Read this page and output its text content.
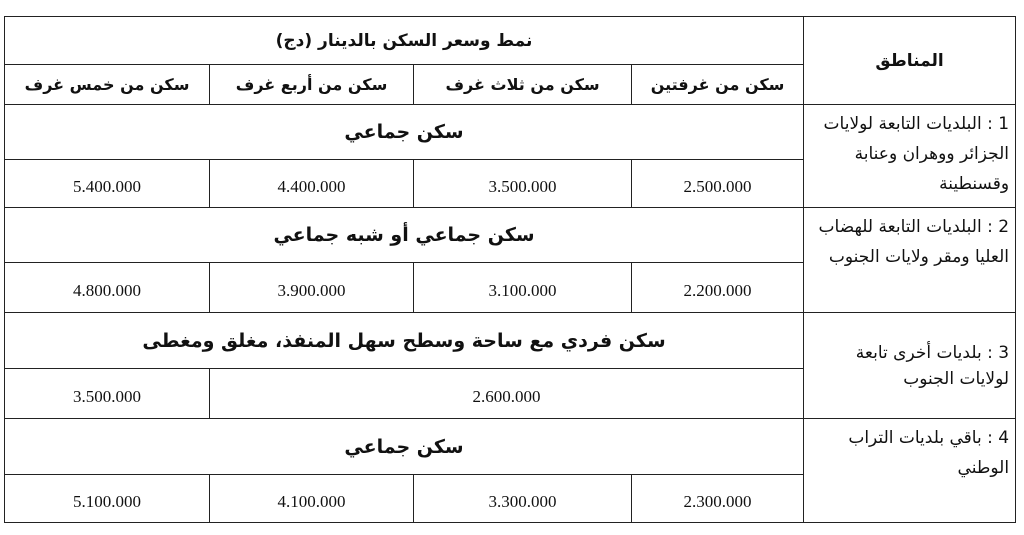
المناطق	نمط وسعر السكن بالدينار (دج)			
	سكن من غرفتين	سكن من ثلاث غرف	سكن من أربع غرف	سكن من خمس غرف
1 : البلديات التابعة لولايات الجزائر ووهران وعنابة وقسنطينة	سكن جماعي			
	2.500.000	3.500.000	4.400.000	5.400.000
2 : البلديات التابعة للهضاب العليا ومقر ولايات الجنوب	سكن جماعي أو شبه جماعي			
	2.200.000	3.100.000	3.900.000	4.800.000
3 : بلديات أخرى تابعة لولايات الجنوب	سكن فردي مع ساحة وسطح سهل المنفذ، مغلق ومغطى			
	2.600.000			3.500.000
4 : باقي بلديات التراب الوطني	سكن جماعي			
	2.300.000	3.300.000	4.100.000	5.100.000
